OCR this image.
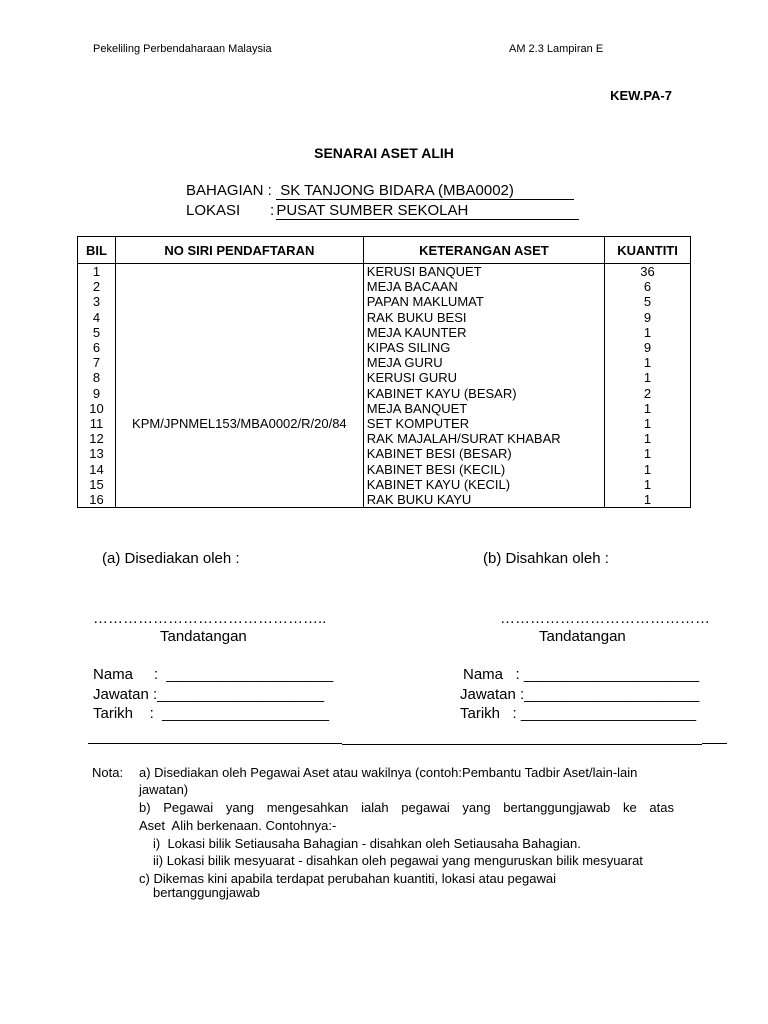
Pekeliling Perbendaharaan Malaysia	AM 2.3 Lampiran E
KEW.PA-7
SENARAI ASET ALIH
BAHAGIAN : SK TANJONG BIDARA (MBA0002)
LOKASI : PUSAT SUMBER SEKOLAH
BIL	NO SIRI PENDAFTARAN	KETERANGAN ASET	KUANTITI
1		KERUSI BANQUET	36
2		MEJA BACAAN	6
3		PAPAN MAKLUMAT	5
4		RAK BUKU BESI	9
5		MEJA KAUNTER	1
6		KIPAS SILING	9
7		MEJA GURU	1
8		KERUSI GURU	1
9		KABINET KAYU (BESAR)	2
10		MEJA BANQUET	1
11	KPM/JPNMEL153/MBA0002/R/20/84	SET KOMPUTER	1
12		RAK MAJALAH/SURAT KHABAR	1
13		KABINET BESI (BESAR)	1
14		KABINET BESI (KECIL)	1
15		KABINET KAYU (KECIL)	1
16		RAK BUKU KAYU	1
(a) Disediakan oleh :	(b) Disahkan oleh :
………………………………………..	……………………………………
Tandatangan	Tandatangan
Nama     :  ____________________
Jawatan :____________________
Tarikh    :  ____________________
Nama   : _____________________
Jawatan :_____________________
Tarikh   : _____________________
Nota: a) Disediakan oleh Pegawai Aset atau wakilnya (contoh:Pembantu Tadbir Aset/lain-lain
jawatan)
b) Pegawai yang mengesahkan ialah pegawai yang bertanggungjawab ke atas
Aset  Alih berkenaan. Contohnya:-
i)  Lokasi bilik Setiausaha Bahagian - disahkan oleh Setiausaha Bahagian.
ii) Lokasi bilik mesyuarat - disahkan oleh pegawai yang menguruskan bilik mesyuarat
c) Dikemas kini apabila terdapat perubahan kuantiti, lokasi atau pegawai
bertanggungjawab
